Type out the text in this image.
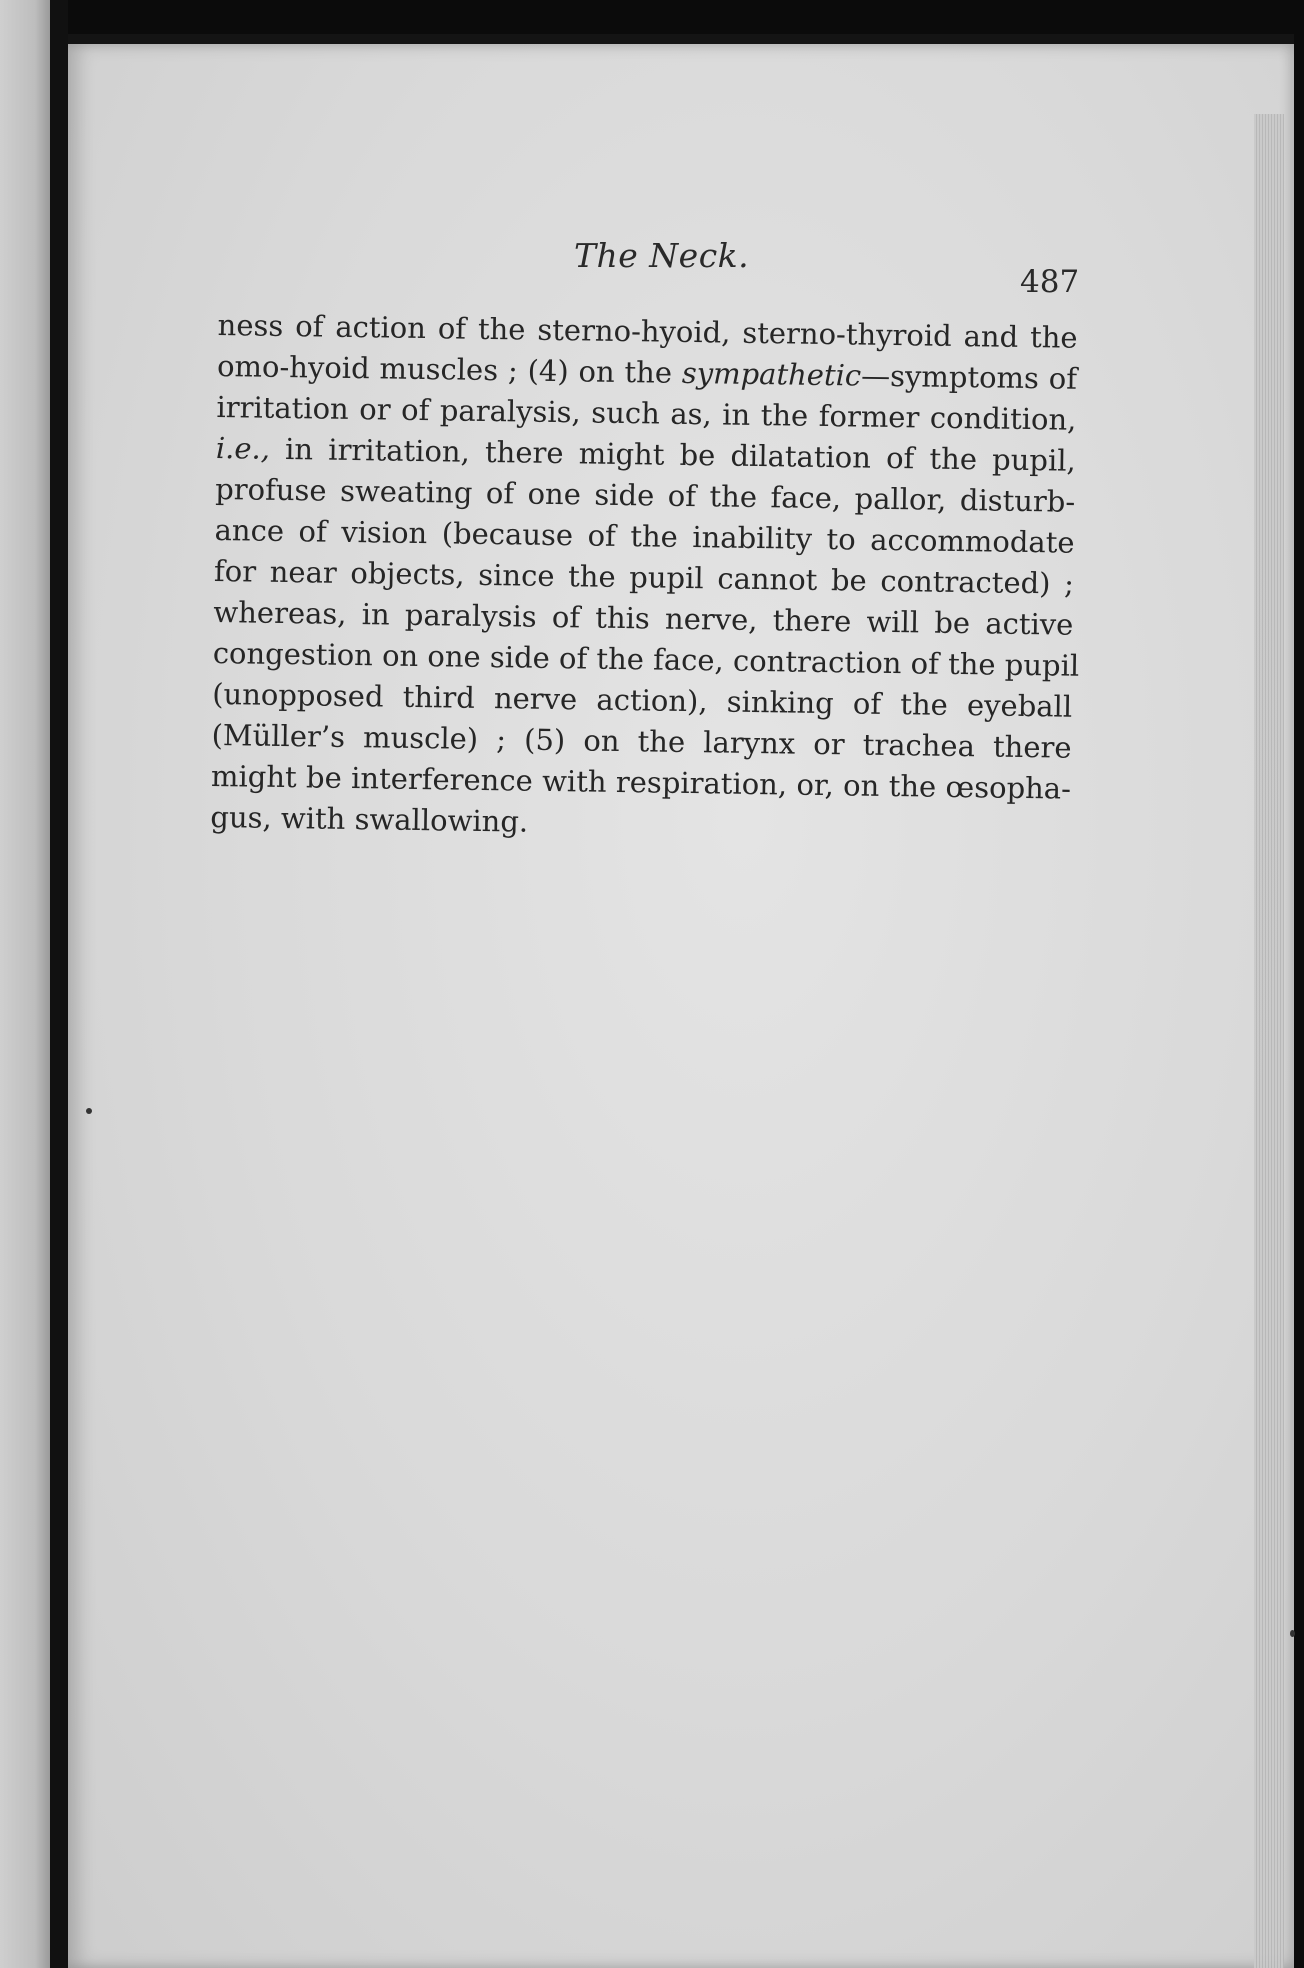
The Neck.
487
ness of action of the sterno-hyoid, sterno-thyroid and the
omo-hyoid muscles ; (4) on the sympathetic—symptoms of
irritation or of paralysis, such as, in the former condition,
i.e., in irritation, there might be dilatation of the pupil,
profuse sweating of one side of the face, pallor, disturb-
ance of vision (because of the inability to accommodate
for near objects, since the pupil cannot be contracted) ;
whereas, in paralysis of this nerve, there will be active
congestion on one side of the face, contraction of the pupil
(unopposed third nerve action), sinking of the eyeball
(Müller’s muscle) ; (5) on the larynx or trachea there
might be interference with respiration, or, on the œsopha-
gus, with swallowing.
